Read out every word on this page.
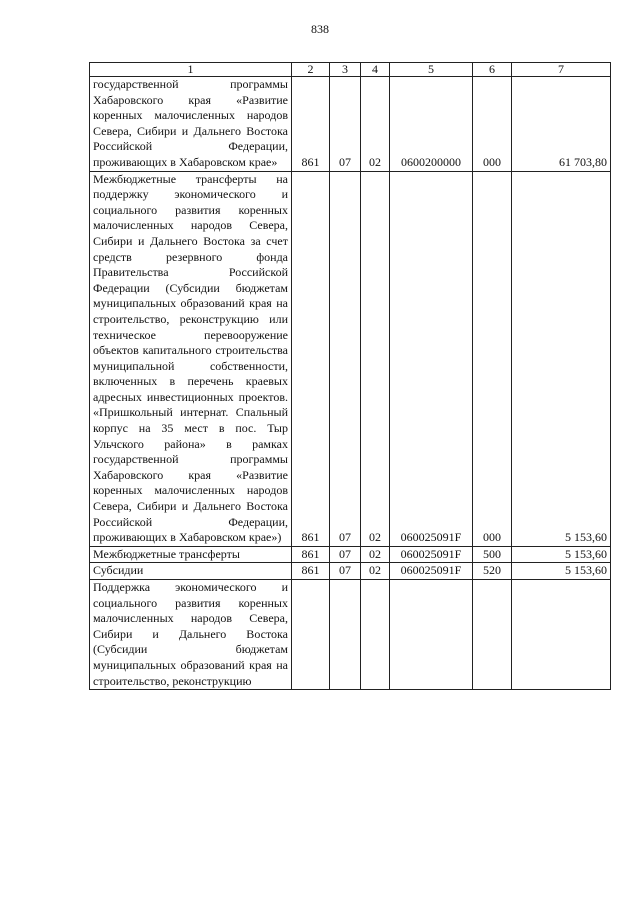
838
1	2	3	4	5	6	7
государственной программы Хабаровского края «Развитие коренных малочисленных народов Севера, Сибири и Дальнего Востока Российской Федерации, проживающих в Хабаровском крае»	861	07	02	0600200000	000	61 703,80
Межбюджетные трансферты на поддержку экономического и социального развития коренных малочисленных народов Севера, Сибири и Дальнего Востока за счет средств резервного фонда Правительства Российской Федерации (Субсидии бюджетам муниципальных образований края на строительство, реконструкцию или техническое перевооружение объектов капитального строительства муниципальной собственности, включенных в перечень краевых адресных инвестиционных проектов. «Пришкольный интернат. Спальный корпус на 35 мест в пос. Тыр Ульчского района» в рамках государственной программы Хабаровского края «Развитие коренных малочисленных народов Севера, Сибири и Дальнего Востока Российской Федерации, проживающих в Хабаровском крае»)	861	07	02	060025091F	000	5 153,60
Межбюджетные трансферты	861	07	02	060025091F	500	5 153,60
Субсидии	861	07	02	060025091F	520	5 153,60
Поддержка экономического и социального развития коренных малочисленных народов Севера, Сибири и Дальнего Востока (Субсидии бюджетам муниципальных образований края на строительство, реконструкцию						
